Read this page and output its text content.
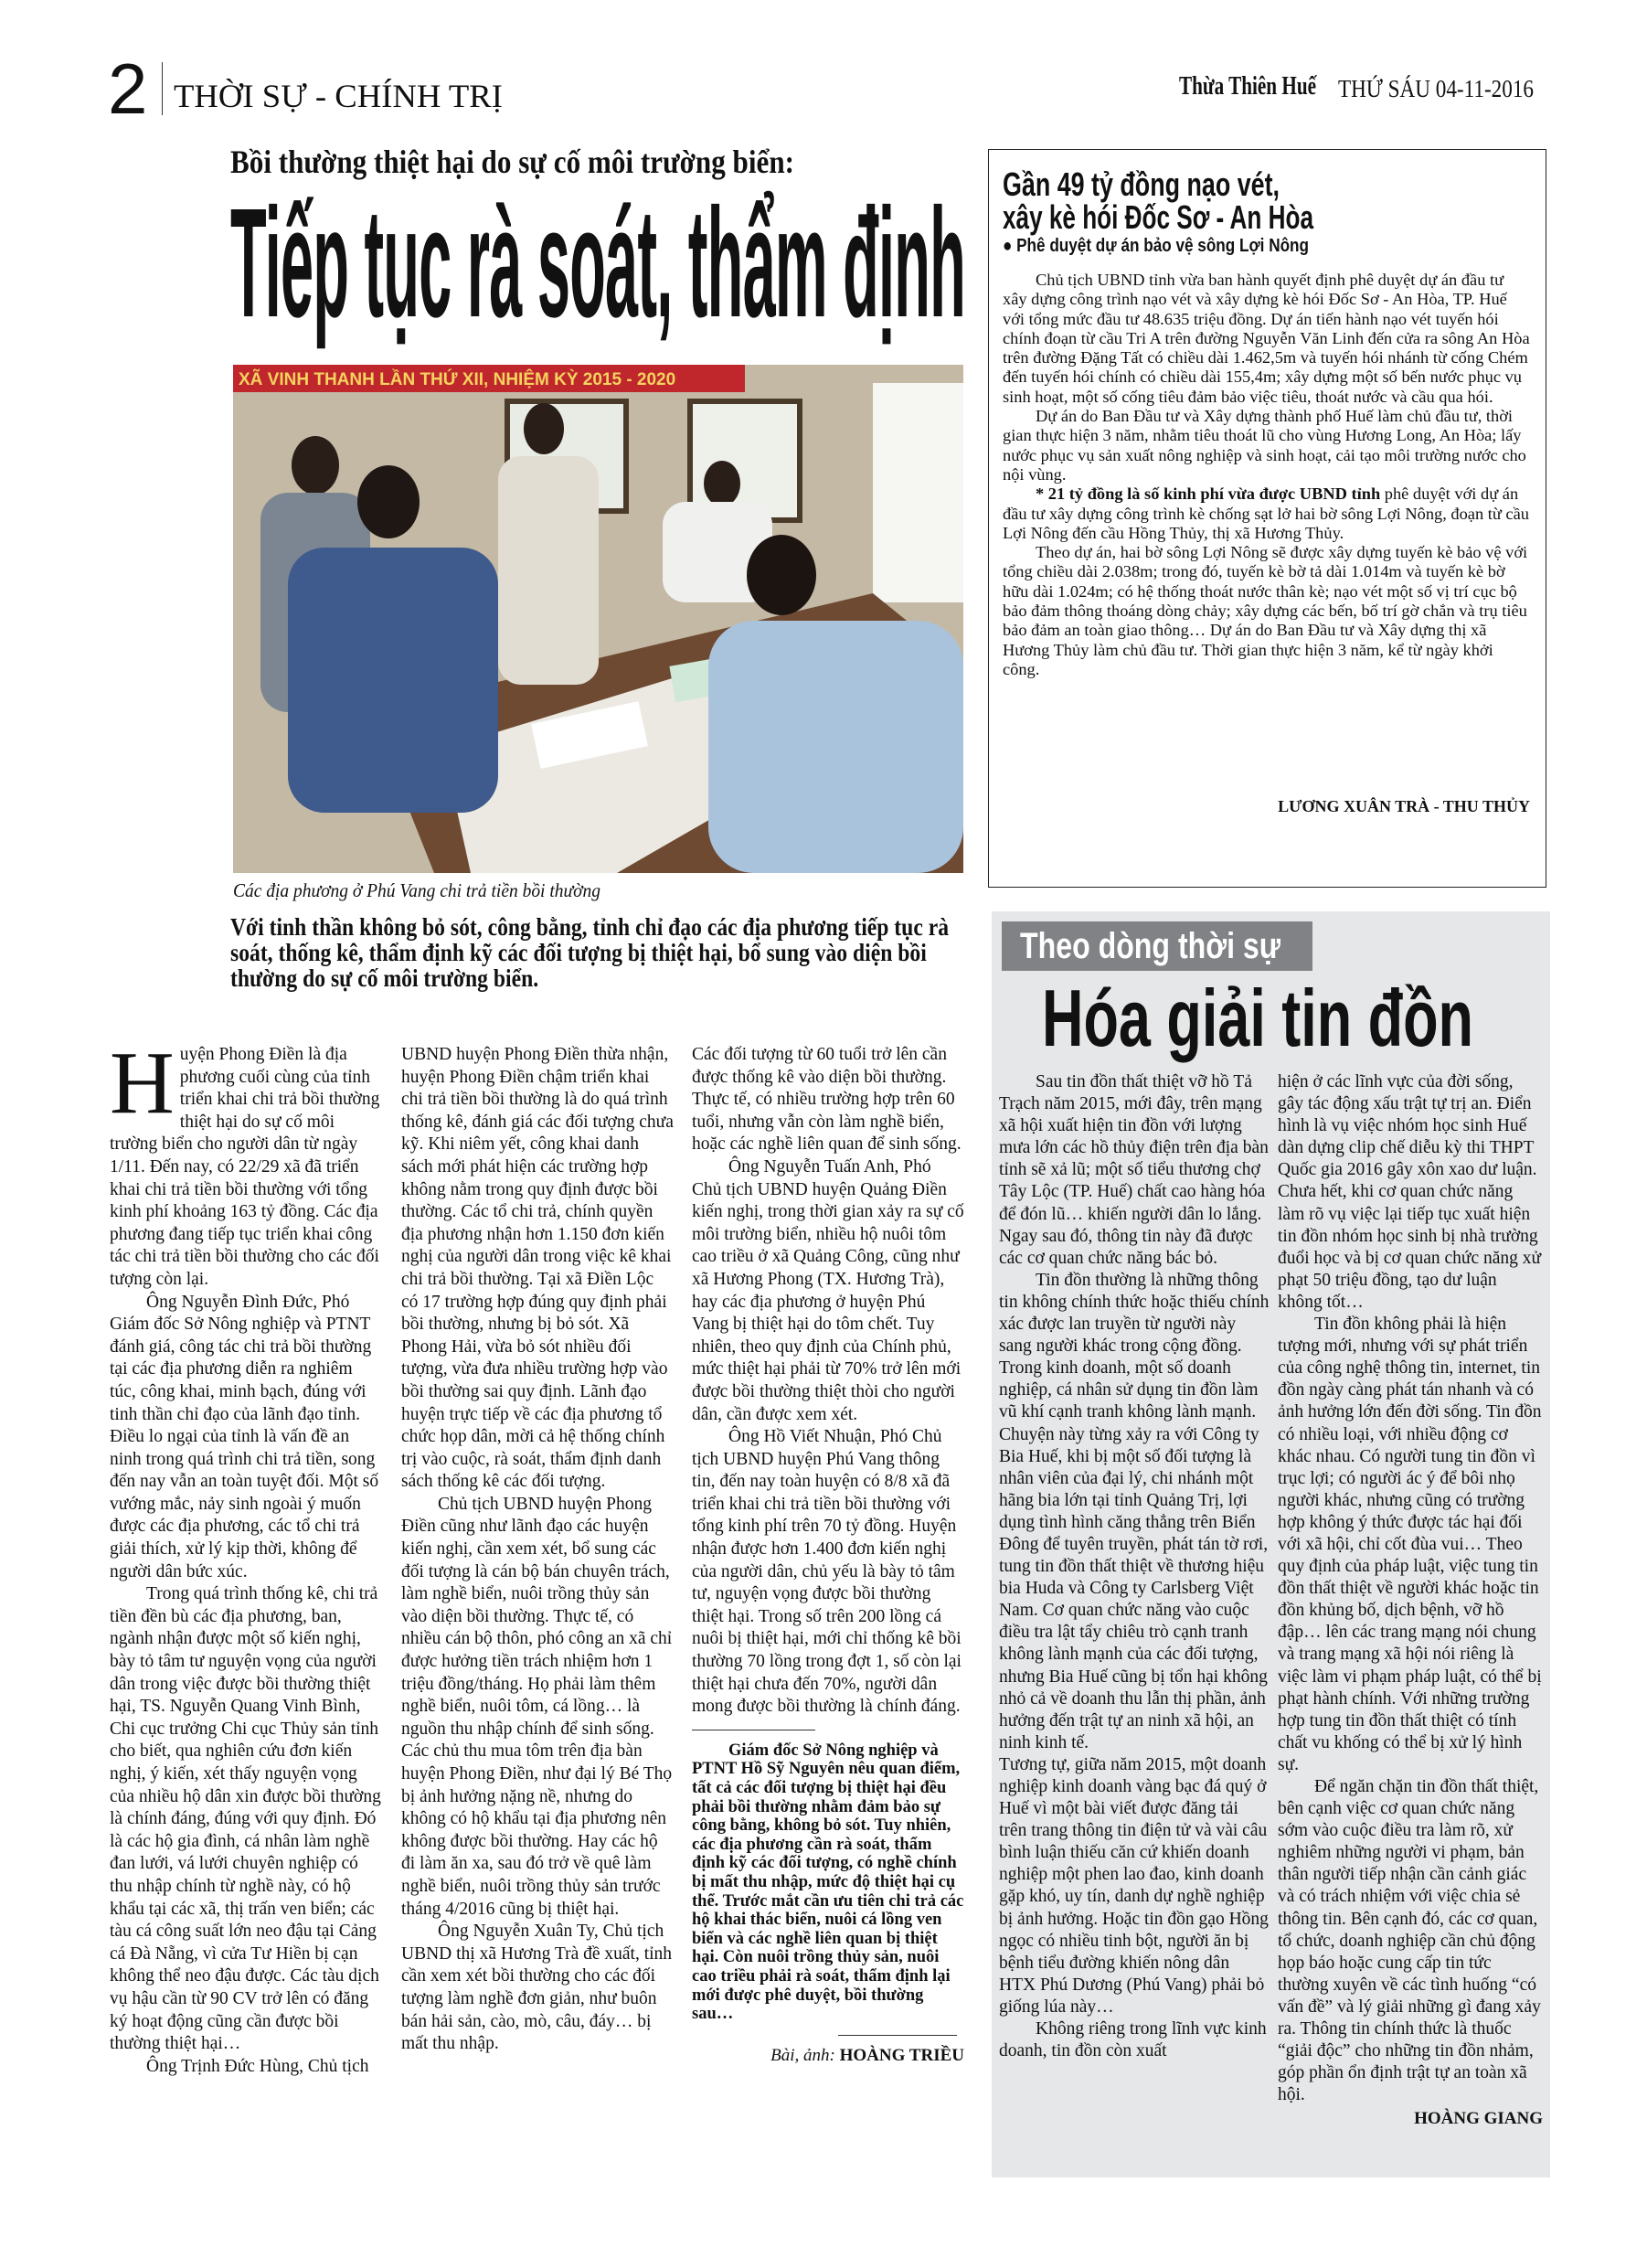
2 THỜI SỰ - CHÍNH TRỊ	Thừa Thiên Huế THỨ SÁU 04-11-2016
Bồi thường thiệt hại do sự cố môi trường biển:
Tiếp tục rà soát, thẩm định
XÃ VINH THANH LẦN THỨ XII, NHIỆM KỲ 2015 - 2020
Các địa phương ở Phú Vang chi trả tiền bồi thường
Với tinh thần không bỏ sót, công bằng, tỉnh chỉ đạo các địa phương tiếp tục rà soát, thống kê, thẩm định kỹ các đối tượng bị thiệt hại, bổ sung vào diện bồi thường do sự cố môi trường biển.

Huyện Phong Điền là địa phương cuối cùng của tỉnh triển khai chi trả bồi thường thiệt hại do sự cố môi trường biển cho người dân từ ngày 1/11. Đến nay, có 22/29 xã đã triển khai chi trả tiền bồi thường với tổng kinh phí khoảng 163 tỷ đồng. Các địa phương đang tiếp tục triển khai công tác chi trả tiền bồi thường cho các đối tượng còn lại.

Ông Nguyễn Đình Đức, Phó Giám đốc Sở Nông nghiệp và PTNT đánh giá, công tác chi trả bồi thường tại các địa phương diễn ra nghiêm túc, công khai, minh bạch, đúng với tinh thần chỉ đạo của lãnh đạo tỉnh. Điều lo ngại của tỉnh là vấn đề an ninh trong quá trình chi trả tiền, song đến nay vẫn an toàn tuyệt đối. Một số vướng mắc, nảy sinh ngoài ý muốn được các địa phương, các tổ chi trả giải thích, xử lý kịp thời, không để người dân bức xúc.

Trong quá trình thống kê, chi trả tiền đền bù các địa phương, ban, ngành nhận được một số kiến nghị, bày tỏ tâm tư nguyện vọng của người dân trong việc được bồi thường thiệt hại, TS. Nguyễn Quang Vinh Bình, Chi cục trưởng Chi cục Thủy sản tỉnh cho biết, qua nghiên cứu đơn kiến nghị, ý kiến, xét thấy nguyện vọng của nhiều hộ dân xin được bồi thường là chính đáng, đúng với quy định. Đó là các hộ gia đình, cá nhân làm nghề đan lưới, vá lưới chuyên nghiệp có thu nhập chính từ nghề này, có hộ khẩu tại các xã, thị trấn ven biển; các tàu cá công suất lớn neo đậu tại Cảng cá Đà Nẵng, vì cửa Tư Hiền bị cạn không thể neo đậu được. Các tàu dịch vụ hậu cần từ 90 CV trở lên có đăng ký hoạt động cũng cần được bồi thường thiệt hại…

Ông Trịnh Đức Hùng, Chủ tịch

UBND huyện Phong Điền thừa nhận, huyện Phong Điền chậm triển khai chi trả tiền bồi thường là do quá trình thống kê, đánh giá các đối tượng chưa kỹ. Khi niêm yết, công khai danh sách mới phát hiện các trường hợp không nằm trong quy định được bồi thường. Các tổ chi trả, chính quyền địa phương nhận hơn 1.150 đơn kiến nghị của người dân trong việc kê khai chi trả bồi thường. Tại xã Điền Lộc có 17 trường hợp đúng quy định phải bồi thường, nhưng bị bỏ sót. Xã Phong Hải, vừa bỏ sót nhiều đối tượng, vừa đưa nhiều trường hợp vào bồi thường sai quy định. Lãnh đạo huyện trực tiếp về các địa phương tổ chức họp dân, mời cả hệ thống chính trị vào cuộc, rà soát, thẩm định danh sách thống kê các đối tượng.

Chủ tịch UBND huyện Phong Điền cũng như lãnh đạo các huyện kiến nghị, cần xem xét, bổ sung các đối tượng là cán bộ bán chuyên trách, làm nghề biển, nuôi trồng thủy sản vào diện bồi thường. Thực tế, có nhiều cán bộ thôn, phó công an xã chỉ được hưởng tiền trách nhiệm hơn 1 triệu đồng/tháng. Họ phải làm thêm nghề biển, nuôi tôm, cá lồng… là nguồn thu nhập chính để sinh sống. Các chủ thu mua tôm trên địa bàn huyện Phong Điền, như đại lý Bé Thọ bị ảnh hưởng nặng nề, nhưng do không có hộ khẩu tại địa phương nên không được bồi thường. Hay các hộ đi làm ăn xa, sau đó trở về quê làm nghề biển, nuôi trồng thủy sản trước tháng 4/2016 cũng bị thiệt hại.

Ông Nguyễn Xuân Ty, Chủ tịch UBND thị xã Hương Trà đề xuất, tỉnh cần xem xét bồi thường cho các đối tượng làm nghề đơn giản, như buôn bán hải sản, cào, mò, câu, đáy… bị mất thu nhập.

Các đối tượng từ 60 tuổi trở lên cần được thống kê vào diện bồi thường. Thực tế, có nhiều trường hợp trên 60 tuổi, nhưng vẫn còn làm nghề biển, hoặc các nghề liên quan để sinh sống.

Ông Nguyễn Tuấn Anh, Phó Chủ tịch UBND huyện Quảng Điền kiến nghị, trong thời gian xảy ra sự cố môi trường biển, nhiều hộ nuôi tôm cao triều ở xã Quảng Công, cũng như xã Hương Phong (TX. Hương Trà), hay các địa phương ở huyện Phú Vang bị thiệt hại do tôm chết. Tuy nhiên, theo quy định của Chính phủ, mức thiệt hại phải từ 70% trở lên mới được bồi thường thiệt thòi cho người dân, cần được xem xét.

Ông Hồ Viết Nhuận, Phó Chủ tịch UBND huyện Phú Vang thông tin, đến nay toàn huyện có 8/8 xã đã triển khai chi trả tiền bồi thường với tổng kinh phí trên 70 tỷ đồng. Huyện nhận được hơn 1.400 đơn kiến nghị của người dân, chủ yếu là bày tỏ tâm tư, nguyện vọng được bồi thường thiệt hại. Trong số trên 200 lồng cá nuôi bị thiệt hại, mới chỉ thống kê bồi thường 70 lồng trong đợt 1, số còn lại thiệt hại chưa đến 70%, người dân mong được bồi thường là chính đáng.

Giám đốc Sở Nông nghiệp và PTNT Hồ Sỹ Nguyên nêu quan điểm, tất cả các đối tượng bị thiệt hại đều phải bồi thường nhằm đảm bảo sự công bằng, không bỏ sót. Tuy nhiên, các địa phương cần rà soát, thẩm định kỹ các đối tượng, có nghề chính bị mất thu nhập, mức độ thiệt hại cụ thể. Trước mắt cần ưu tiên chi trả các hộ khai thác biển, nuôi cá lồng ven biển và các nghề liên quan bị thiệt hại. Còn nuôi trồng thủy sản, nuôi cao triều phải rà soát, thẩm định lại mới được phê duyệt, bồi thường sau…

Bài, ảnh: HOÀNG TRIỀU
Gần 49 tỷ đồng nạo vét,
xây kè hói Đốc Sơ - An Hòa
● Phê duyệt dự án bảo vệ sông Lợi Nông

Chủ tịch UBND tỉnh vừa ban hành quyết định phê duyệt dự án đầu tư xây dựng công trình nạo vét và xây dựng kè hói Đốc Sơ - An Hòa, TP. Huế với tổng mức đầu tư 48.635 triệu đồng. Dự án tiến hành nạo vét tuyến hói chính đoạn từ cầu Tri A trên đường Nguyễn Văn Linh đến cửa ra sông An Hòa trên đường Đặng Tất có chiều dài 1.462,5m và tuyến hói nhánh từ cống Chém đến tuyến hói chính có chiều dài 155,4m; xây dựng một số bến nước phục vụ sinh hoạt, một số cống tiêu đảm bảo việc tiêu, thoát nước và cầu qua hói.

Dự án do Ban Đầu tư và Xây dựng thành phố Huế làm chủ đầu tư, thời gian thực hiện 3 năm, nhằm tiêu thoát lũ cho vùng Hương Long, An Hòa; lấy nước phục vụ sản xuất nông nghiệp và sinh hoạt, cải tạo môi trường nước cho nội vùng.

* 21 tỷ đồng là số kinh phí vừa được UBND tỉnh phê duyệt với dự án đầu tư xây dựng công trình kè chống sạt lở hai bờ sông Lợi Nông, đoạn từ cầu Lợi Nông đến cầu Hồng Thủy, thị xã Hương Thủy.

Theo dự án, hai bờ sông Lợi Nông sẽ được xây dựng tuyến kè bảo vệ với tổng chiều dài 2.038m; trong đó, tuyến kè bờ tả dài 1.014m và tuyến kè bờ hữu dài 1.024m; có hệ thống thoát nước thân kè; nạo vét một số vị trí cục bộ bảo đảm thông thoáng dòng chảy; xây dựng các bến, bố trí gờ chắn và trụ tiêu bảo đảm an toàn giao thông… Dự án do Ban Đầu tư và Xây dựng thị xã Hương Thủy làm chủ đầu tư. Thời gian thực hiện 3 năm, kể từ ngày khởi công.

LƯƠNG XUÂN TRÀ - THU THỦY
Theo dòng thời sự
Hóa giải tin đồn

Sau tin đồn thất thiệt vỡ hồ Tả Trạch năm 2015, mới đây, trên mạng xã hội xuất hiện tin đồn với lượng mưa lớn các hồ thủy điện trên địa bàn tỉnh sẽ xả lũ; một số tiểu thương chợ Tây Lộc (TP. Huế) chất cao hàng hóa để đón lũ… khiến người dân lo lắng. Ngay sau đó, thông tin này đã được các cơ quan chức năng bác bỏ.

Tin đồn thường là những thông tin không chính thức hoặc thiếu chính xác được lan truyền từ người này sang người khác trong cộng đồng. Trong kinh doanh, một số doanh nghiệp, cá nhân sử dụng tin đồn làm vũ khí cạnh tranh không lành mạnh. Chuyện này từng xảy ra với Công ty Bia Huế, khi bị một số đối tượng là nhân viên của đại lý, chi nhánh một hãng bia lớn tại tỉnh Quảng Trị, lợi dụng tình hình căng thẳng trên Biển Đông để tuyên truyền, phát tán tờ rơi, tung tin đồn thất thiệt về thương hiệu bia Huda và Công ty Carlsberg Việt Nam. Cơ quan chức năng vào cuộc điều tra lật tẩy chiêu trò cạnh tranh không lành mạnh của các đối tượng, nhưng Bia Huế cũng bị tổn hại không nhỏ cả về doanh thu lẫn thị phần, ảnh hưởng đến trật tự an ninh xã hội, an ninh kinh tế.

Tương tự, giữa năm 2015, một doanh nghiệp kinh doanh vàng bạc đá quý ở Huế vì một bài viết được đăng tải trên trang thông tin điện tử và vài câu bình luận thiếu căn cứ khiến doanh nghiệp một phen lao đao, kinh doanh gặp khó, uy tín, danh dự nghề nghiệp bị ảnh hưởng. Hoặc tin đồn gạo Hồng ngọc có nhiều tinh bột, người ăn bị bệnh tiểu đường khiến nông dân HTX Phú Dương (Phú Vang) phải bỏ giống lúa này…

Không riêng trong lĩnh vực kinh doanh, tin đồn còn xuất

hiện ở các lĩnh vực của đời sống, gây tác động xấu trật tự trị an. Điển hình là vụ việc nhóm học sinh Huế dàn dựng clip chế diễu kỳ thi THPT Quốc gia 2016 gây xôn xao dư luận. Chưa hết, khi cơ quan chức năng làm rõ vụ việc lại tiếp tục xuất hiện tin đồn nhóm học sinh bị nhà trường đuổi học và bị cơ quan chức năng xử phạt 50 triệu đồng, tạo dư luận không tốt…

Tin đồn không phải là hiện tượng mới, nhưng với sự phát triển của công nghệ thông tin, internet, tin đồn ngày càng phát tán nhanh và có ảnh hưởng lớn đến đời sống. Tin đồn có nhiều loại, với nhiều động cơ khác nhau. Có người tung tin đồn vì trục lợi; có người ác ý để bôi nhọ người khác, nhưng cũng có trường hợp không ý thức được tác hại đối với xã hội, chỉ cốt đùa vui… Theo quy định của pháp luật, việc tung tin đồn thất thiệt về người khác hoặc tin đồn khủng bố, dịch bệnh, vỡ hồ đập… lên các trang mạng nói chung và trang mạng xã hội nói riêng là việc làm vi phạm pháp luật, có thể bị phạt hành chính. Với những trường hợp tung tin đồn thất thiệt có tính chất vu khống có thể bị xử lý hình sự.

Để ngăn chặn tin đồn thất thiệt, bên cạnh việc cơ quan chức năng sớm vào cuộc điều tra làm rõ, xử nghiêm những người vi phạm, bản thân người tiếp nhận cần cảnh giác và có trách nhiệm với việc chia sẻ thông tin. Bên cạnh đó, các cơ quan, tổ chức, doanh nghiệp cần chủ động họp báo hoặc cung cấp tin tức thường xuyên về các tình huống “có vấn đề” và lý giải những gì đang xảy ra. Thông tin chính thức là thuốc “giải độc” cho những tin đồn nhảm, góp phần ổn định trật tự an toàn xã hội.

HOÀNG GIANG
